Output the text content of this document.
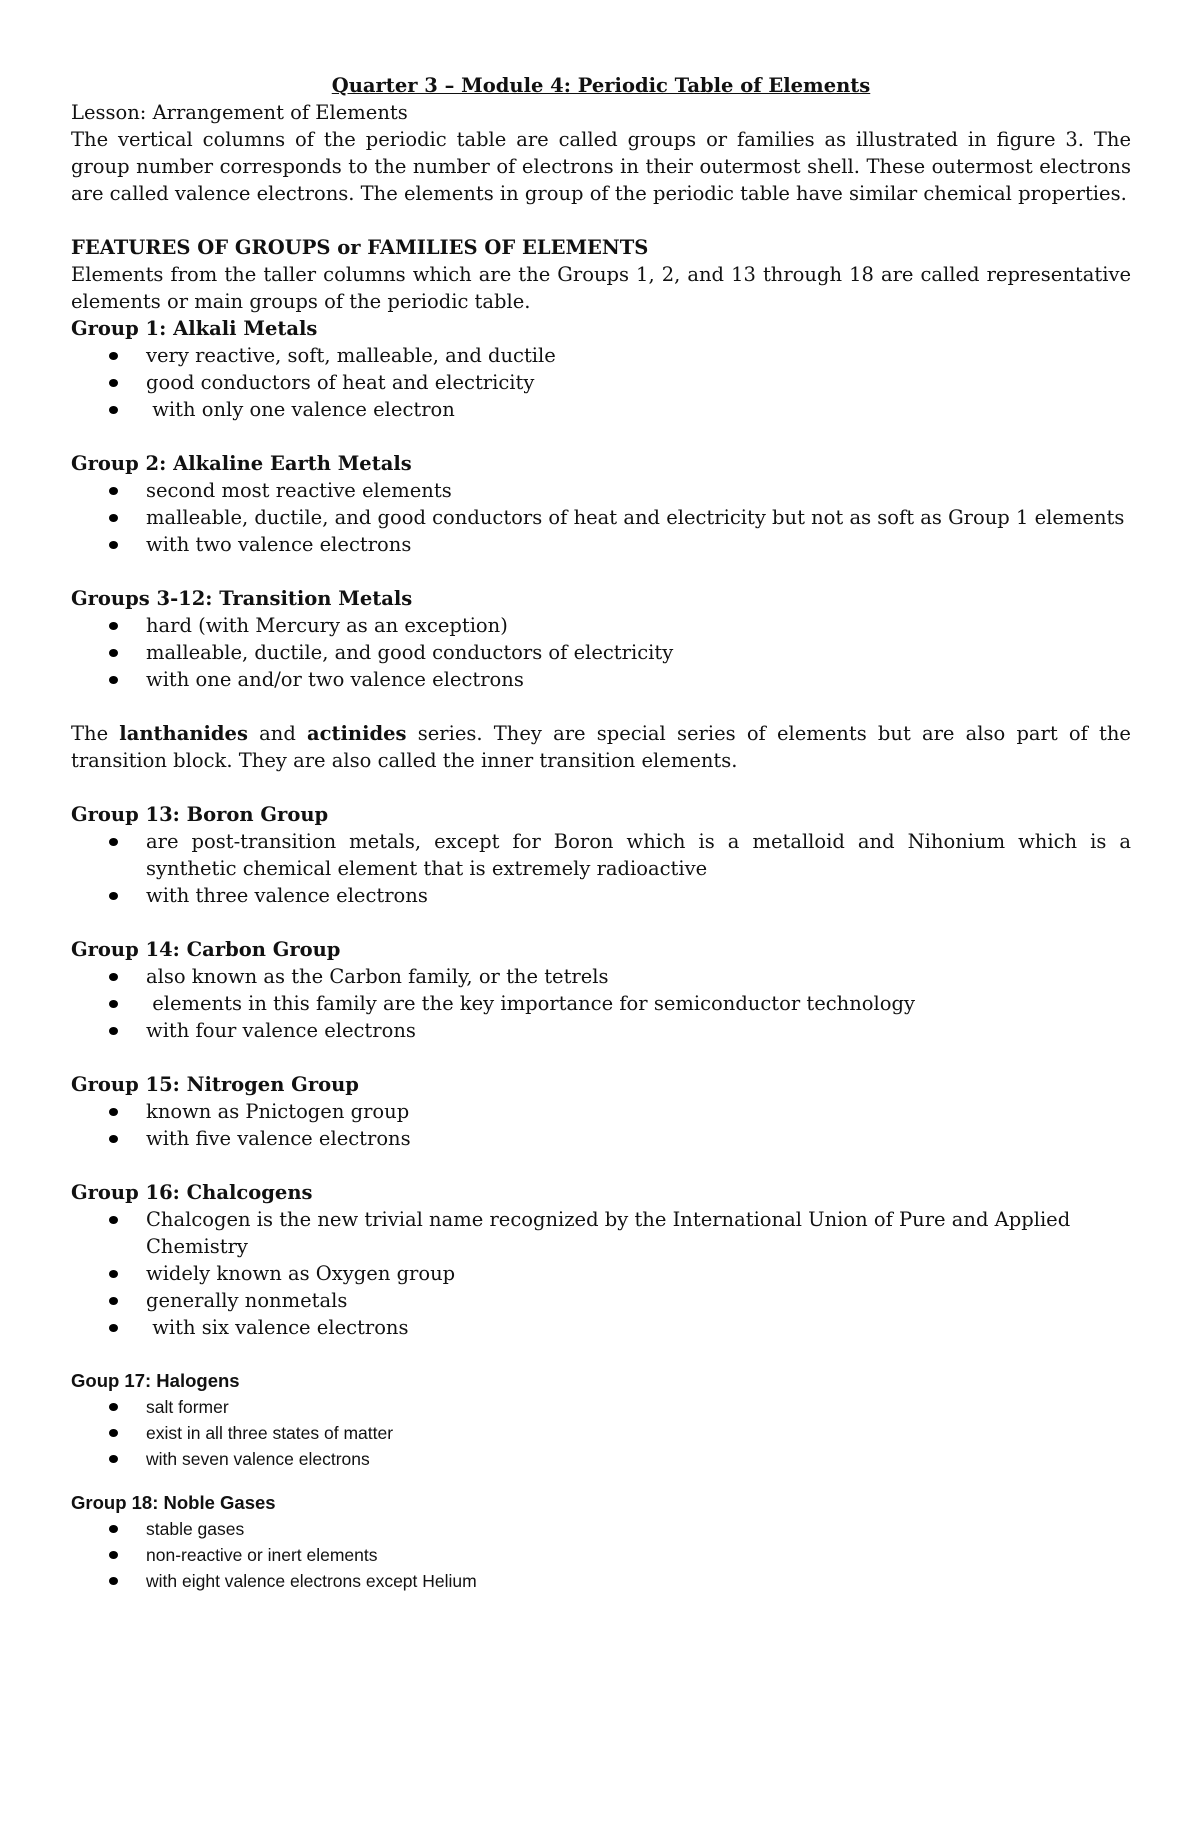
Quarter 3 – Module 4: Periodic Table of Elements

Lesson: Arrangement of Elements

The vertical columns of the periodic table are called groups or families as illustrated in figure 3. The group number corresponds to the number of electrons in their outermost shell. These outermost electrons are called valence electrons. The elements in group of the periodic table have similar chemical properties.

FEATURES OF GROUPS or FAMILIES OF ELEMENTS

Elements from the taller columns which are the Groups 1, 2, and 13 through 18 are called representative elements or main groups of the periodic table.

Group 1: Alkali Metals

very reactive, soft, malleable, and ductile
good conductors of heat and electricity
with only one valence electron

Group 2: Alkaline Earth Metals

second most reactive elements
malleable, ductile, and good conductors of heat and electricity but not as soft as Group 1 elements
with two valence electrons

Groups 3-12: Transition Metals

hard (with Mercury as an exception)
malleable, ductile, and good conductors of electricity
with one and/or two valence electrons

The lanthanides and actinides series. They are special series of elements but are also part of the transition block. They are also called the inner transition elements.

Group 13: Boron Group

are post-transition metals, except for Boron which is a metalloid and Nihonium which is a synthetic chemical element that is extremely radioactive
with three valence electrons

Group 14: Carbon Group

also known as the Carbon family, or the tetrels
elements in this family are the key importance for semiconductor technology
with four valence electrons

Group 15: Nitrogen Group

known as Pnictogen group
with five valence electrons

Group 16: Chalcogens

Chalcogen is the new trivial name recognized by the International Union of Pure and Applied Chemistry
widely known as Oxygen group
generally nonmetals
with six valence electrons

Goup 17: Halogens

salt former
exist in all three states of matter
with seven valence electrons

Group 18: Noble Gases

stable gases
non-reactive or inert elements
with eight valence electrons except Helium
